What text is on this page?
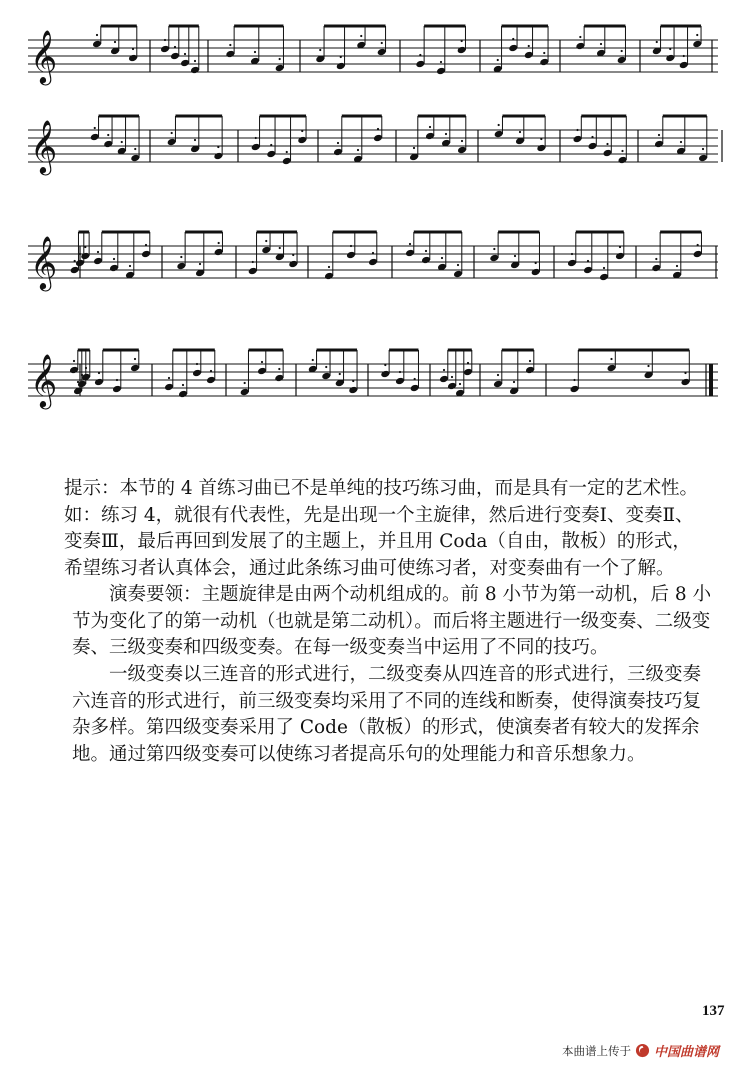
𝄞
𝄞
𝄞
𝄞

提示：本节的 4 首练习曲已不是单纯的技巧练习曲，而是具有一定的艺术性。如：练习 4，就很有代表性，先是出现一个主旋律，然后进行变奏Ⅰ、变奏Ⅱ、变奏Ⅲ，最后再回到发展了的主题上，并且用 Coda（自由，散板）的形式，希望练习者认真体会，通过此条练习曲可使练习者，对变奏曲有一个了解。

演奏要领：主题旋律是由两个动机组成的。前 8 小节为第一动机，后 8 小节为变化了的第一动机（也就是第二动机）。而后将主题进行一级变奏、二级变奏、三级变奏和四级变奏。在每一级变奏当中运用了不同的技巧。

一级变奏以三连音的形式进行，二级变奏从四连音的形式进行，三级变奏六连音的形式进行，前三级变奏均采用了不同的连线和断奏，使得演奏技巧复杂多样。第四级变奏采用了 Code（散板）的形式，使演奏者有较大的发挥余地。通过第四级变奏可以使练习者提高乐句的处理能力和音乐想象力。

137
本曲谱上传于 中国曲谱网
